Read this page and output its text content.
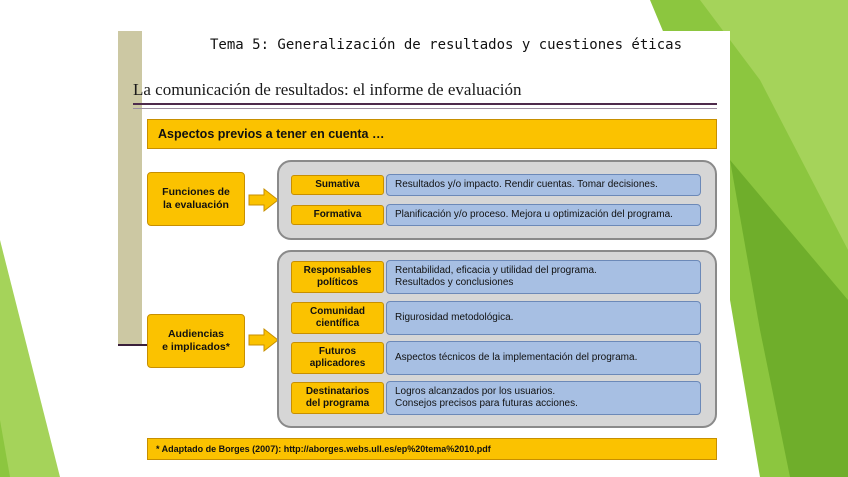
Tema 5: Generalización de resultados y cuestiones éticas
La comunicación de resultados: el informe de evaluación
Aspectos previos a tener en cuenta …
Funciones de
la evaluación
Sumativa	Resultados y/o impacto. Rendir cuentas. Tomar decisiones.
Formativa	Planificación y/o proceso. Mejora u optimización del programa.
Audiencias
e implicados*
Responsables
políticos
Rentabilidad, eficacia y utilidad del programa.
Resultados y conclusiones
Comunidad
científica
Rigurosidad metodológica.
Futuros
aplicadores
Aspectos técnicos de la implementación del programa.
Destinatarios
del programa
Logros alcanzados por los usuarios.
Consejos precisos para futuras acciones.
* Adaptado de Borges (2007): http://aborges.webs.ull.es/ep%20tema%2010.pdf
